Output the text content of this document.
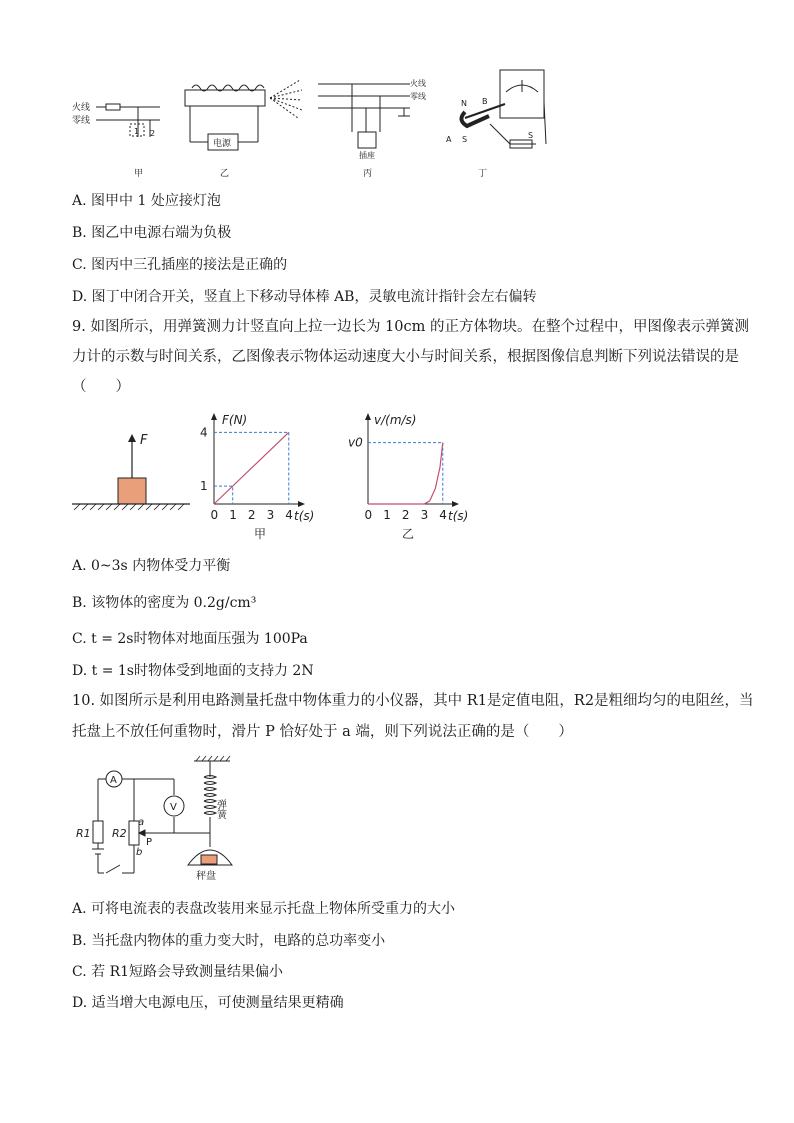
火线
零线
1 2
甲
电源
乙
火线
零线
插座
丙
N
S
A
B
S
丁
A. 图甲中 1 处应接灯泡
B. 图乙中电源右端为负极
C. 图丙中三孔插座的接法是正确的
D. 图丁中闭合开关，竖直上下移动导体棒 AB，灵敏电流计指针会左右偏转
9. 如图所示，用弹簧测力计竖直向上拉一边长为 10cm 的正方体物块。在整个过程中，甲图像表示弹簧测
力计的示数与时间关系，乙图像表示物体运动速度大小与时间关系，根据图像信息判断下列说法错误的是
（　　）
F
F(N)
t(s)
甲
0 1 2 3 4
1
4
v/(m/s)
t(s)
乙
0 1 2 3 4
v0
A. 0~3s 内物体受力平衡
B. 该物体的密度为 0.2g/cm³
C. t = 2s时物体对地面压强为 100Pa
D. t = 1s时物体受到地面的支持力 2N
10. 如图所示是利用电路测量托盘中物体重力的小仪器，其中 R1是定值电阻，R2是粗细均匀的电阻丝，当
托盘上不放任何重物时，滑片 P 恰好处于 a 端，则下列说法正确的是（　　）
A
V
R1 R2
a
b
P
弹簧
秤盘
A. 可将电流表的表盘改装用来显示托盘上物体所受重力的大小
B. 当托盘内物体的重力变大时，电路的总功率变小
C. 若 R1短路会导致测量结果偏小
D. 适当增大电源电压，可使测量结果更精确
